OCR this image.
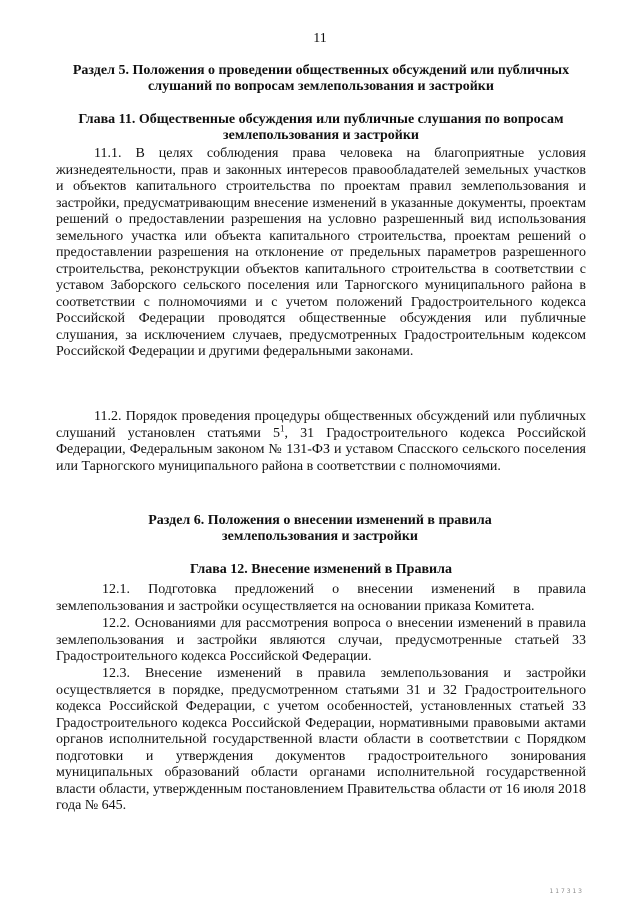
11
Раздел 5. Положения о проведении общественных обсуждений или публичных слушаний по вопросам землепользования и застройки
Глава 11. Общественные обсуждения или публичные слушания по вопросам землепользования и застройки
11.1. В целях соблюдения права человека на благоприятные условия жизнедеятельности, прав и законных интересов правообладателей земельных участков и объектов капитального строительства по проектам правил землепользования и застройки, предусматривающим внесение изменений в указанные документы, проектам решений о предоставлении разрешения на условно разрешенный вид использования земельного участка или объекта капитального строительства, проектам решений о предоставлении разрешения на отклонение от предельных параметров разрешенного строительства, реконструкции объектов капитального строительства в соответствии с уставом Заборского сельского поселения или Тарногского муниципального района в соответствии с полномочиями и с учетом положений Градостроительного кодекса Российской Федерации проводятся общественные обсуждения или публичные слушания, за исключением случаев, предусмотренных Градостроительным кодексом Российской Федерации и другими федеральными законами.
11.2. Порядок проведения процедуры общественных обсуждений или публичных слушаний установлен статьями $5^1$, 31 Градостроительного кодекса Российской Федерации, Федеральным законом № 131-ФЗ и уставом Спасского сельского поселения или Тарногского муниципального района в соответствии с полномочиями.
Раздел 6. Положения о внесении изменений в правила землепользования и застройки
Глава 12. Внесение изменений в Правила
12.1. Подготовка предложений о внесении изменений в правила землепользования и застройки осуществляется на основании приказа Комитета.
12.2. Основаниями для рассмотрения вопроса о внесении изменений в правила землепользования и застройки являются случаи, предусмотренные статьей 33 Градостроительного кодекса Российской Федерации.
12.3. Внесение изменений в правила землепользования и застройки осуществляется в порядке, предусмотренном статьями 31 и 32 Градостроительного кодекса Российской Федерации, с учетом особенностей, установленных статьей 33 Градостроительного кодекса Российской Федерации, нормативными правовыми актами органов исполнительной государственной власти области в соответствии с Порядком подготовки и утверждения документов градостроительного зонирования муниципальных образований области органами исполнительной государственной власти области, утвержденным постановлением Правительства области от 16 июля 2018 года № 645.
1 1 7 3 1 3
